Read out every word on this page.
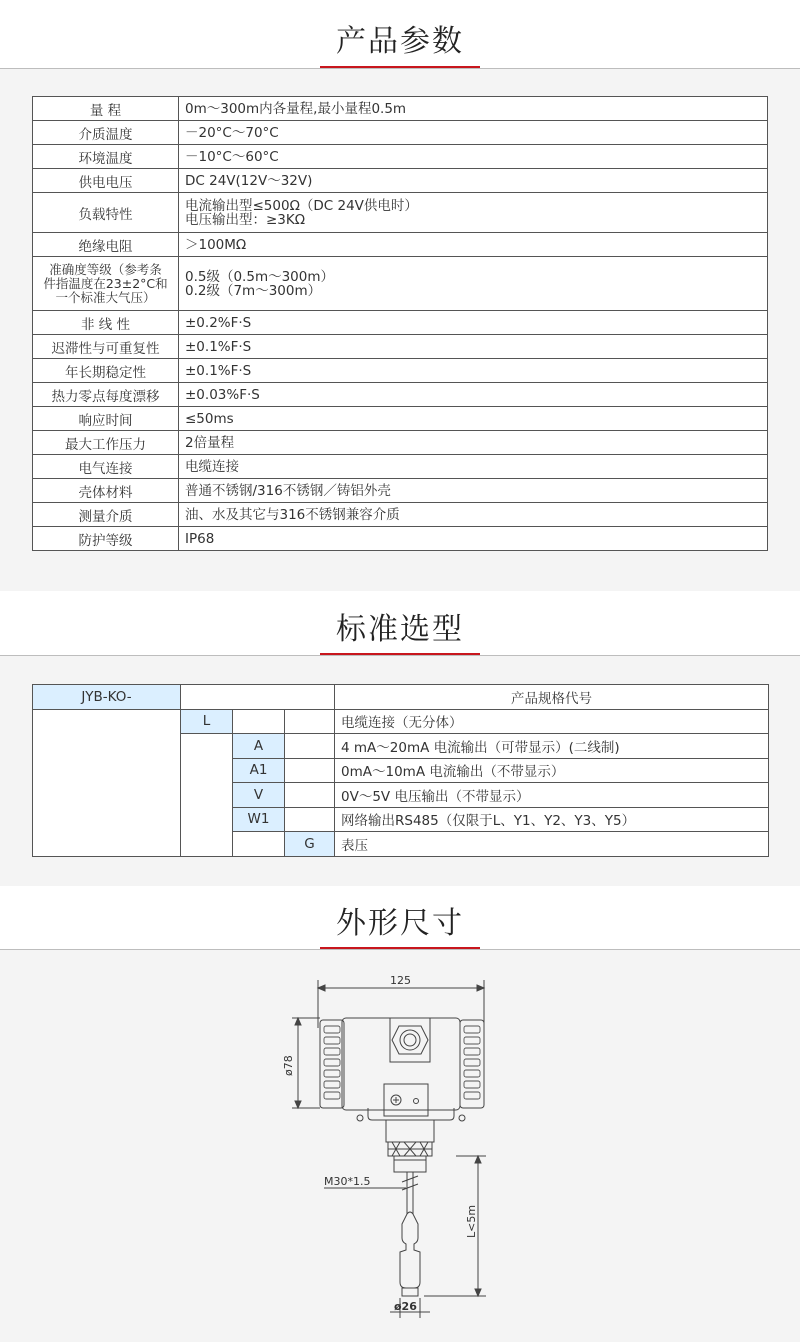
产品参数
量 程	0m～300m内各量程,最小量程0.5m
介质温度	－20°C～70°C
环境温度	－10°C～60°C
供电电压	DC 24V(12V～32V)
负载特性	电流输出型≤500Ω（DC 24V供电时）
电压输出型：≥3KΩ
绝缘电阻	＞100MΩ
准确度等级（参考条
件指温度在23±2°C和
一个标准大气压）	0.5级（0.5m～300m）
0.2级（7m～300m）
非 线 性	±0.2%F·S
迟滞性与可重复性	±0.1%F·S
年长期稳定性	±0.1%F·S
热力零点每度漂移	±0.03%F·S
响应时间	≤50ms
最大工作压力	2倍量程
电气连接	电缆连接
壳体材料	普通不锈钢/316不锈钢／铸铝外壳
测量介质	油、水及其它与316不锈钢兼容介质
防护等级	IP68
标准选型
JYB-KO-				产品规格代号
	L			电缆连接（无分体）
		A		4 mA～20mA 电流输出（可带显示）(二线制)
		A1		0mA～10mA 电流输出（不带显示）
		V		0V～5V 电压输出（不带显示）
		W1		网络输出RS485（仅限于L、Y1、Y2、Y3、Y5）
			G	表压
外形尺寸
125
ø78
M30*1.5
L<5m
ø26
